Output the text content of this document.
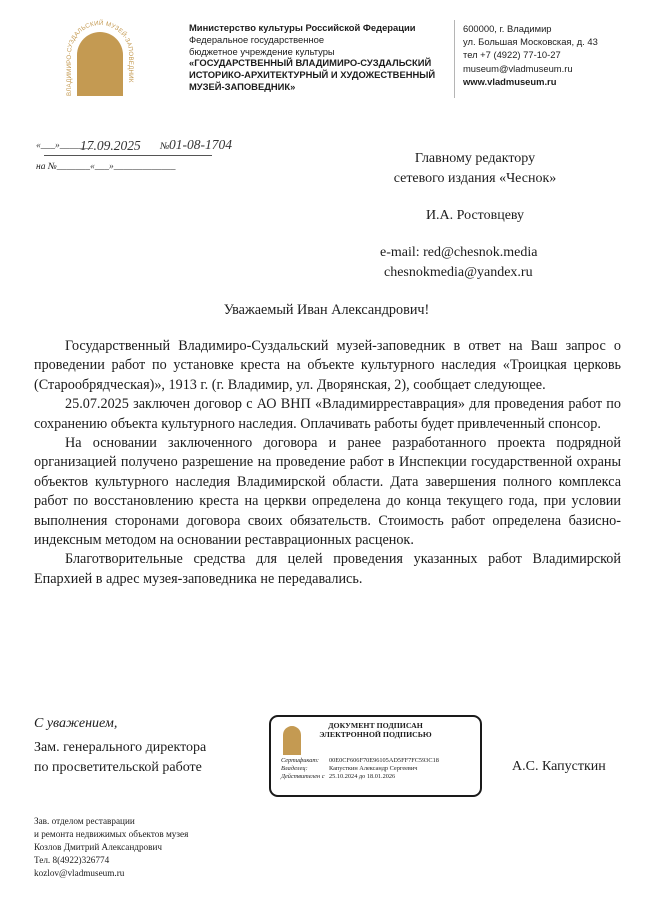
ВЛАДИМИРО-СУЗДАЛЬСКИЙ МУЗЕЙ-ЗАПОВЕДНИК
Министерство культуры Российской Федерации
Федеральное государственное
бюджетное учреждение культуры
«ГОСУДАРСТВЕННЫЙ ВЛАДИМИРО-СУЗДАЛЬСКИЙ
ИСТОРИКО-АРХИТЕКТУРНЫЙ И ХУДОЖЕСТВЕННЫЙ
МУЗЕЙ-ЗАПОВЕДНИК»
600000, г. Владимир
ул. Большая Московская, д. 43
тел +7 (4922) 77-10-27
museum@vladmuseum.ru
www.vladmuseum.ru
«___»_______
17.09.2025 № 01-08-1704
на №_______«___»_____________
Главному редактору
сетевого издания «Чеснок»
И.А. Ростовцеву
e-mail: red@chesnok.media
chesnokmedia@yandex.ru
Уважаемый Иван Александрович!

Государственный Владимиро-Суздальский музей-заповедник в ответ на Ваш запрос о проведении работ по установке креста на объекте культурного наследия «Троицкая церковь (Старообрядческая)», 1913 г. (г. Владимир, ул. Дворянская, 2), сообщает следующее.

25.07.2025 заключен договор с АО ВНП «Владимирреставрация» для проведения работ по сохранению объекта культурного наследия. Оплачивать работы будет привлеченный спонсор.

На основании заключенного договора и ранее разработанного проекта подрядной организацией получено разрешение на проведение работ в Инспекции государственной охраны объектов культурного наследия Владимирской области. Дата завершения полного комплекса работ по восстановлению креста на церкви определена до конца текущего года, при условии выполнения сторонами договора своих обязательств. Стоимость работ определена базисно-индексным методом на основании реставрационных расценок.

Благотворительные средства для целей проведения указанных работ Владимирской Епархией в адрес музея-заповедника не передавались.

С уважением,
Зам. генерального директора
по просветительской работе	А.С. Капусткин
ДОКУМЕНТ ПОДПИСАН
ЭЛЕКТРОННОЙ ПОДПИСЬЮ
Сертификат:	00E0CF606F70E96105AD5FF7FC593C18
Владелец:	Капусткин Александр Сергеевич
Действителен с 25.10.2024 до 18.01.2026
Зав. отделом реставрации
и ремонта недвижимых объектов музея
Козлов Дмитрий Александрович
Тел. 8(4922)326774
kozlov@vladmuseum.ru
